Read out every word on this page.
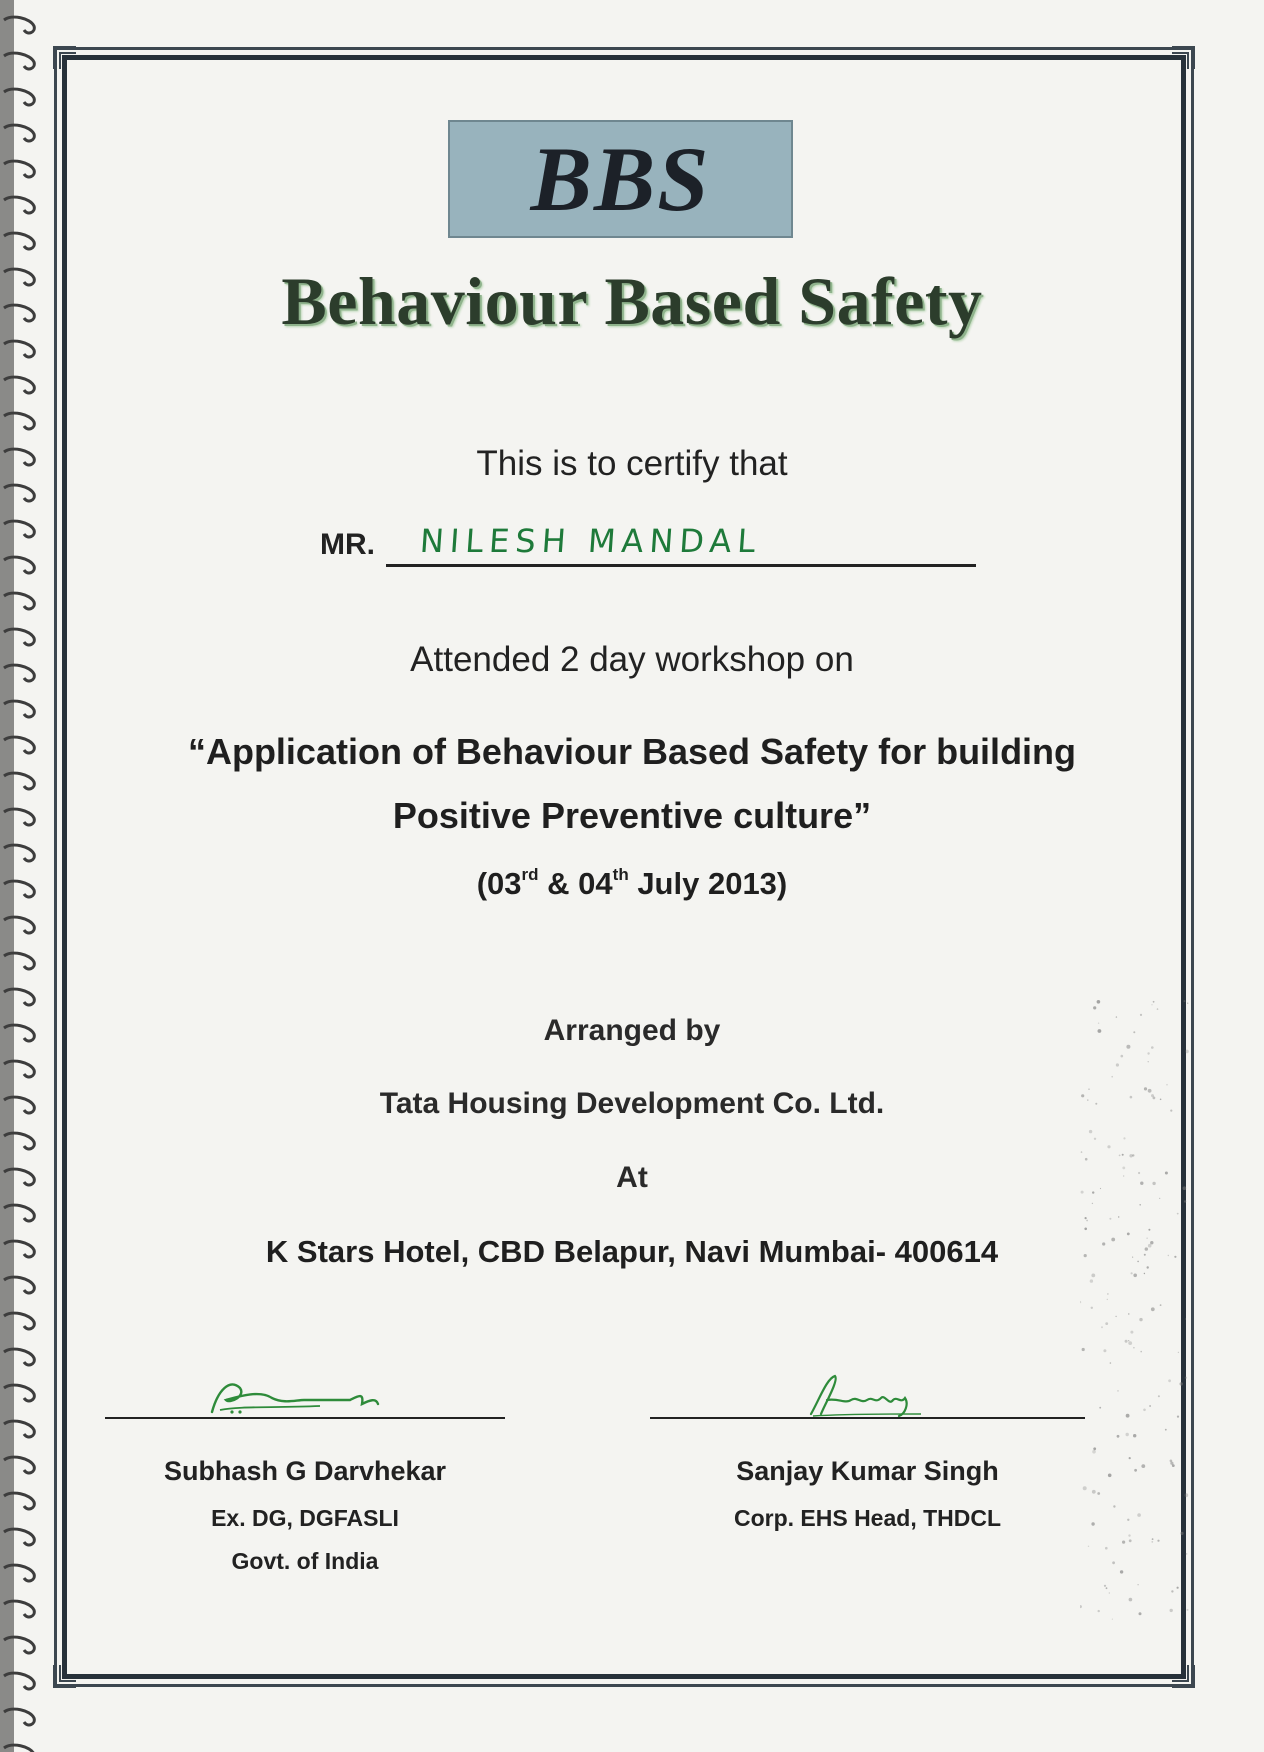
BBS
Behaviour Based Safety
This is to certify that
MR. NILESH MANDAL
Attended 2 day workshop on
“Application of Behaviour Based Safety for building
Positive Preventive culture”
(03rd & 04th July 2013)
Arranged by
Tata Housing Development Co. Ltd.
At
K Stars Hotel, CBD Belapur, Navi Mumbai- 400614
Subhash G Darvhekar
Ex. DG, DGFASLI
Govt. of India
Sanjay Kumar Singh
Corp. EHS Head, THDCL
